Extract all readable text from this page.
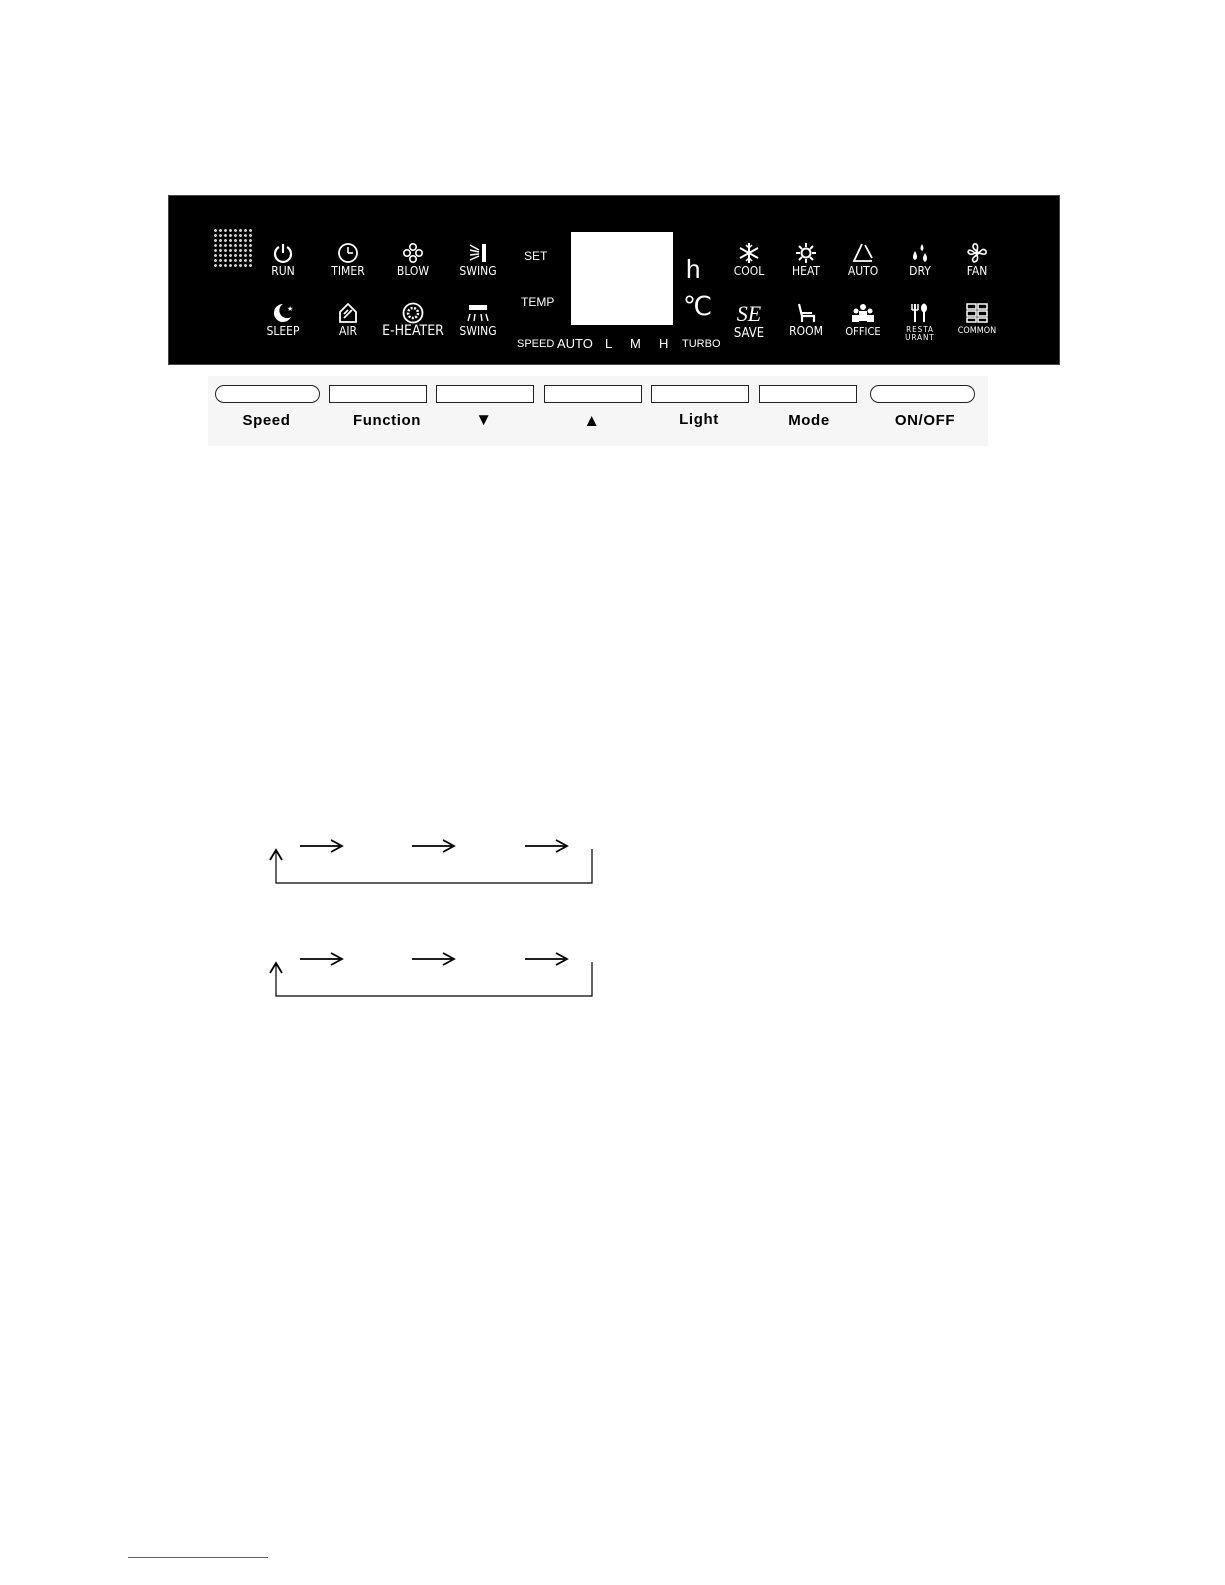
RUN	TIMER	BLOW	SWING
★
SLEEP	AIR	E-HEATER	SWING
SET
TEMP
SPEED AUTO L M H TURBO
h
℃
COOL	HEAT	AUTO	DRY	FAN
SE
SAVE	ROOM	OFFICE	RESTA URANT
COMMON
Speed	Function	▼	▲	Light	Mode	ON/OFF
